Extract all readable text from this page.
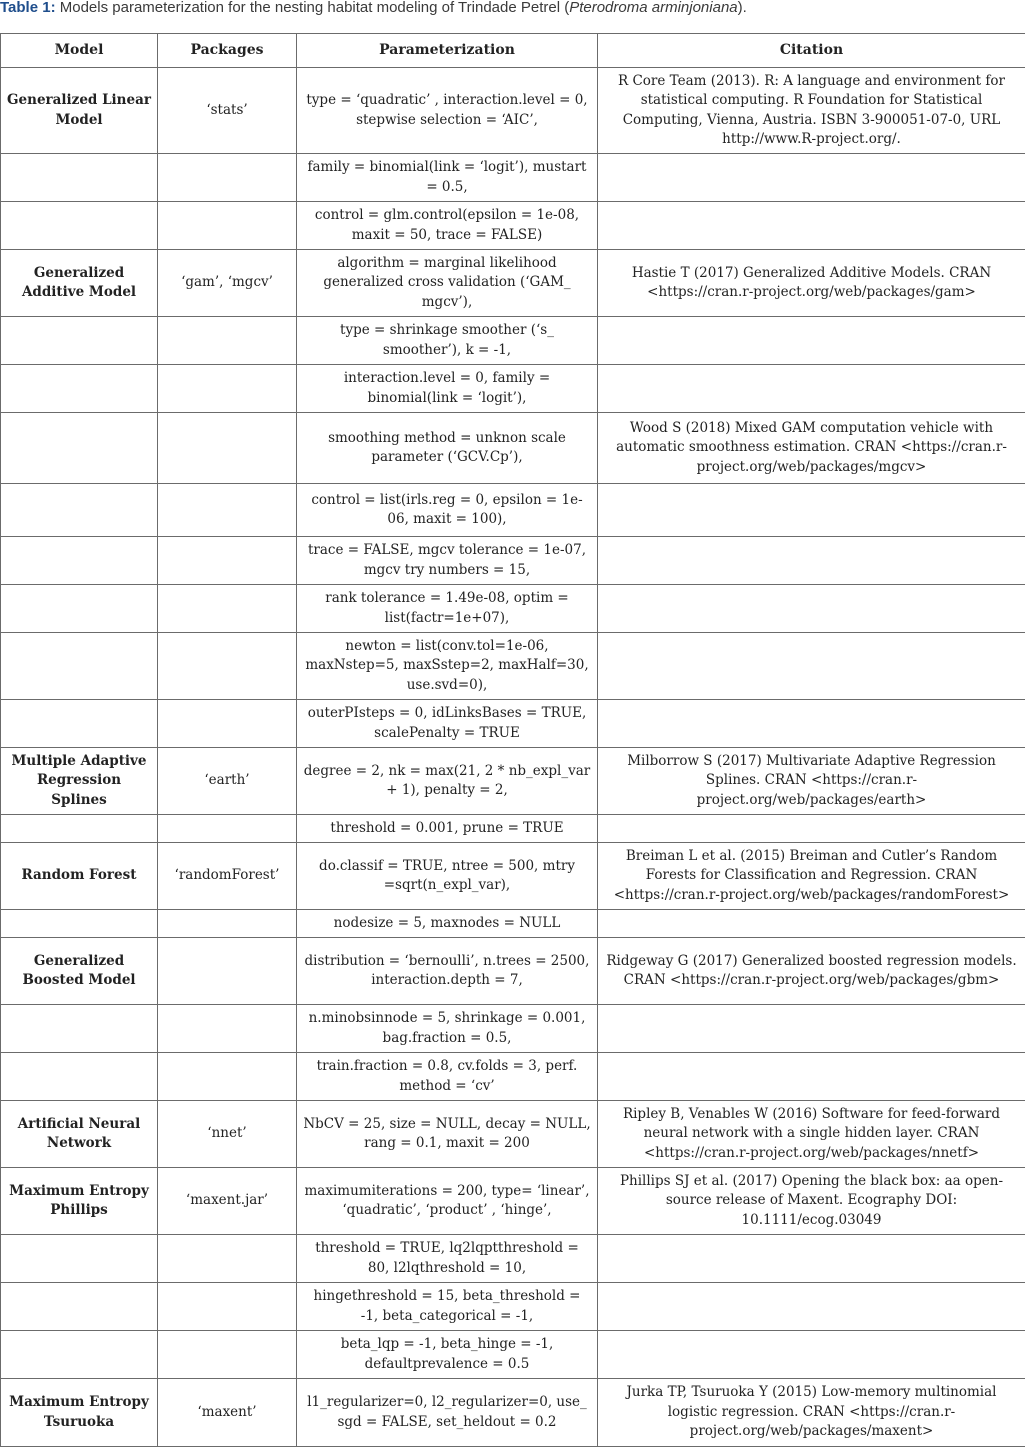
Table 1: Models parameterization for the nesting habitat modeling of Trindade Petrel (Pterodroma arminjoniana).
Model	Packages	Parameterization	Citation
Generalized Linear Model	‘stats’	type = ‘quadratic’ , interaction.level = 0, stepwise selection = ‘AIC’,	R Core Team (2013). R: A language and environment for statistical computing. R Foundation for Statistical Computing, Vienna, Austria. ISBN 3-900051-07-0, URL http://www.R-project.org/.
		family = binomial(link = ‘logit’), mustart = 0.5,	
		control = glm.control(epsilon = 1e-08, maxit = 50, trace = FALSE)	
Generalized Additive Model	‘gam’, ‘mgcv’	algorithm = marginal likelihood generalized cross validation (‘GAM_ mgcv’),	Hastie T (2017) Generalized Additive Models. CRAN <https://cran.r-project.org/web/packages/gam>
		type = shrinkage smoother (‘s_ smoother’), k = -1,	
		interaction.level = 0, family = binomial(link = ‘logit’),	
		smoothing method = unknon scale parameter (‘GCV.Cp’),	Wood S (2018) Mixed GAM computation vehicle with automatic smoothness estimation. CRAN <https://cran.r-project.org/web/packages/mgcv>
		control = list(irls.reg = 0, epsilon = 1e-06, maxit = 100),	
		trace = FALSE, mgcv tolerance = 1e-07, mgcv try numbers = 15,	
		rank tolerance = 1.49e-08, optim = list(factr=1e+07),	
		newton = list(conv.tol=1e-06, maxNstep=5, maxSstep=2, maxHalf=30, use.svd=0),	
		outerPIsteps = 0, idLinksBases = TRUE, scalePenalty = TRUE	
Multiple Adaptive Regression Splines	‘earth’	degree = 2, nk = max(21, 2 * nb_expl_var + 1), penalty = 2,	Milborrow S (2017) Multivariate Adaptive Regression Splines. CRAN <https://cran.r-project.org/web/packages/earth>
		threshold = 0.001, prune = TRUE	
Random Forest	‘randomForest’	do.classif = TRUE, ntree = 500, mtry =sqrt(n_expl_var),	Breiman L et al. (2015) Breiman and Cutler’s Random Forests for Classification and Regression. CRAN <https://cran.r-project.org/web/packages/randomForest>
		nodesize = 5, maxnodes = NULL	
Generalized Boosted Model		distribution = ‘bernoulli’, n.trees = 2500, interaction.depth = 7,	Ridgeway G (2017) Generalized boosted regression models. CRAN <https://cran.r-project.org/web/packages/gbm>
		n.minobsinnode = 5, shrinkage = 0.001, bag.fraction = 0.5,	
		train.fraction = 0.8, cv.folds = 3, perf. method = ‘cv’	
Artificial Neural Network	‘nnet’	NbCV = 25, size = NULL, decay = NULL, rang = 0.1, maxit = 200	Ripley B, Venables W (2016) Software for feed-forward neural network with a single hidden layer. CRAN <https://cran.r-project.org/web/packages/nnetf>
Maximum Entropy Phillips	‘maxent.jar’	maximumiterations = 200, type= ‘linear’, ‘quadratic’, ‘product’ , ‘hinge’,	Phillips SJ et al. (2017) Opening the black box: aa open-source release of Maxent. Ecography DOI: 10.1111/ecog.03049
		threshold = TRUE, lq2lqptthreshold = 80, l2lqthreshold = 10,	
		hingethreshold = 15, beta_threshold = -1, beta_categorical = -1,	
		beta_lqp = -1, beta_hinge = -1, defaultprevalence = 0.5	
Maximum Entropy Tsuruoka	‘maxent’	l1_regularizer=0, l2_regularizer=0, use_ sgd = FALSE, set_heldout = 0.2	Jurka TP, Tsuruoka Y (2015) Low-memory multinomial logistic regression. CRAN <https://cran.r-project.org/web/packages/maxent>
